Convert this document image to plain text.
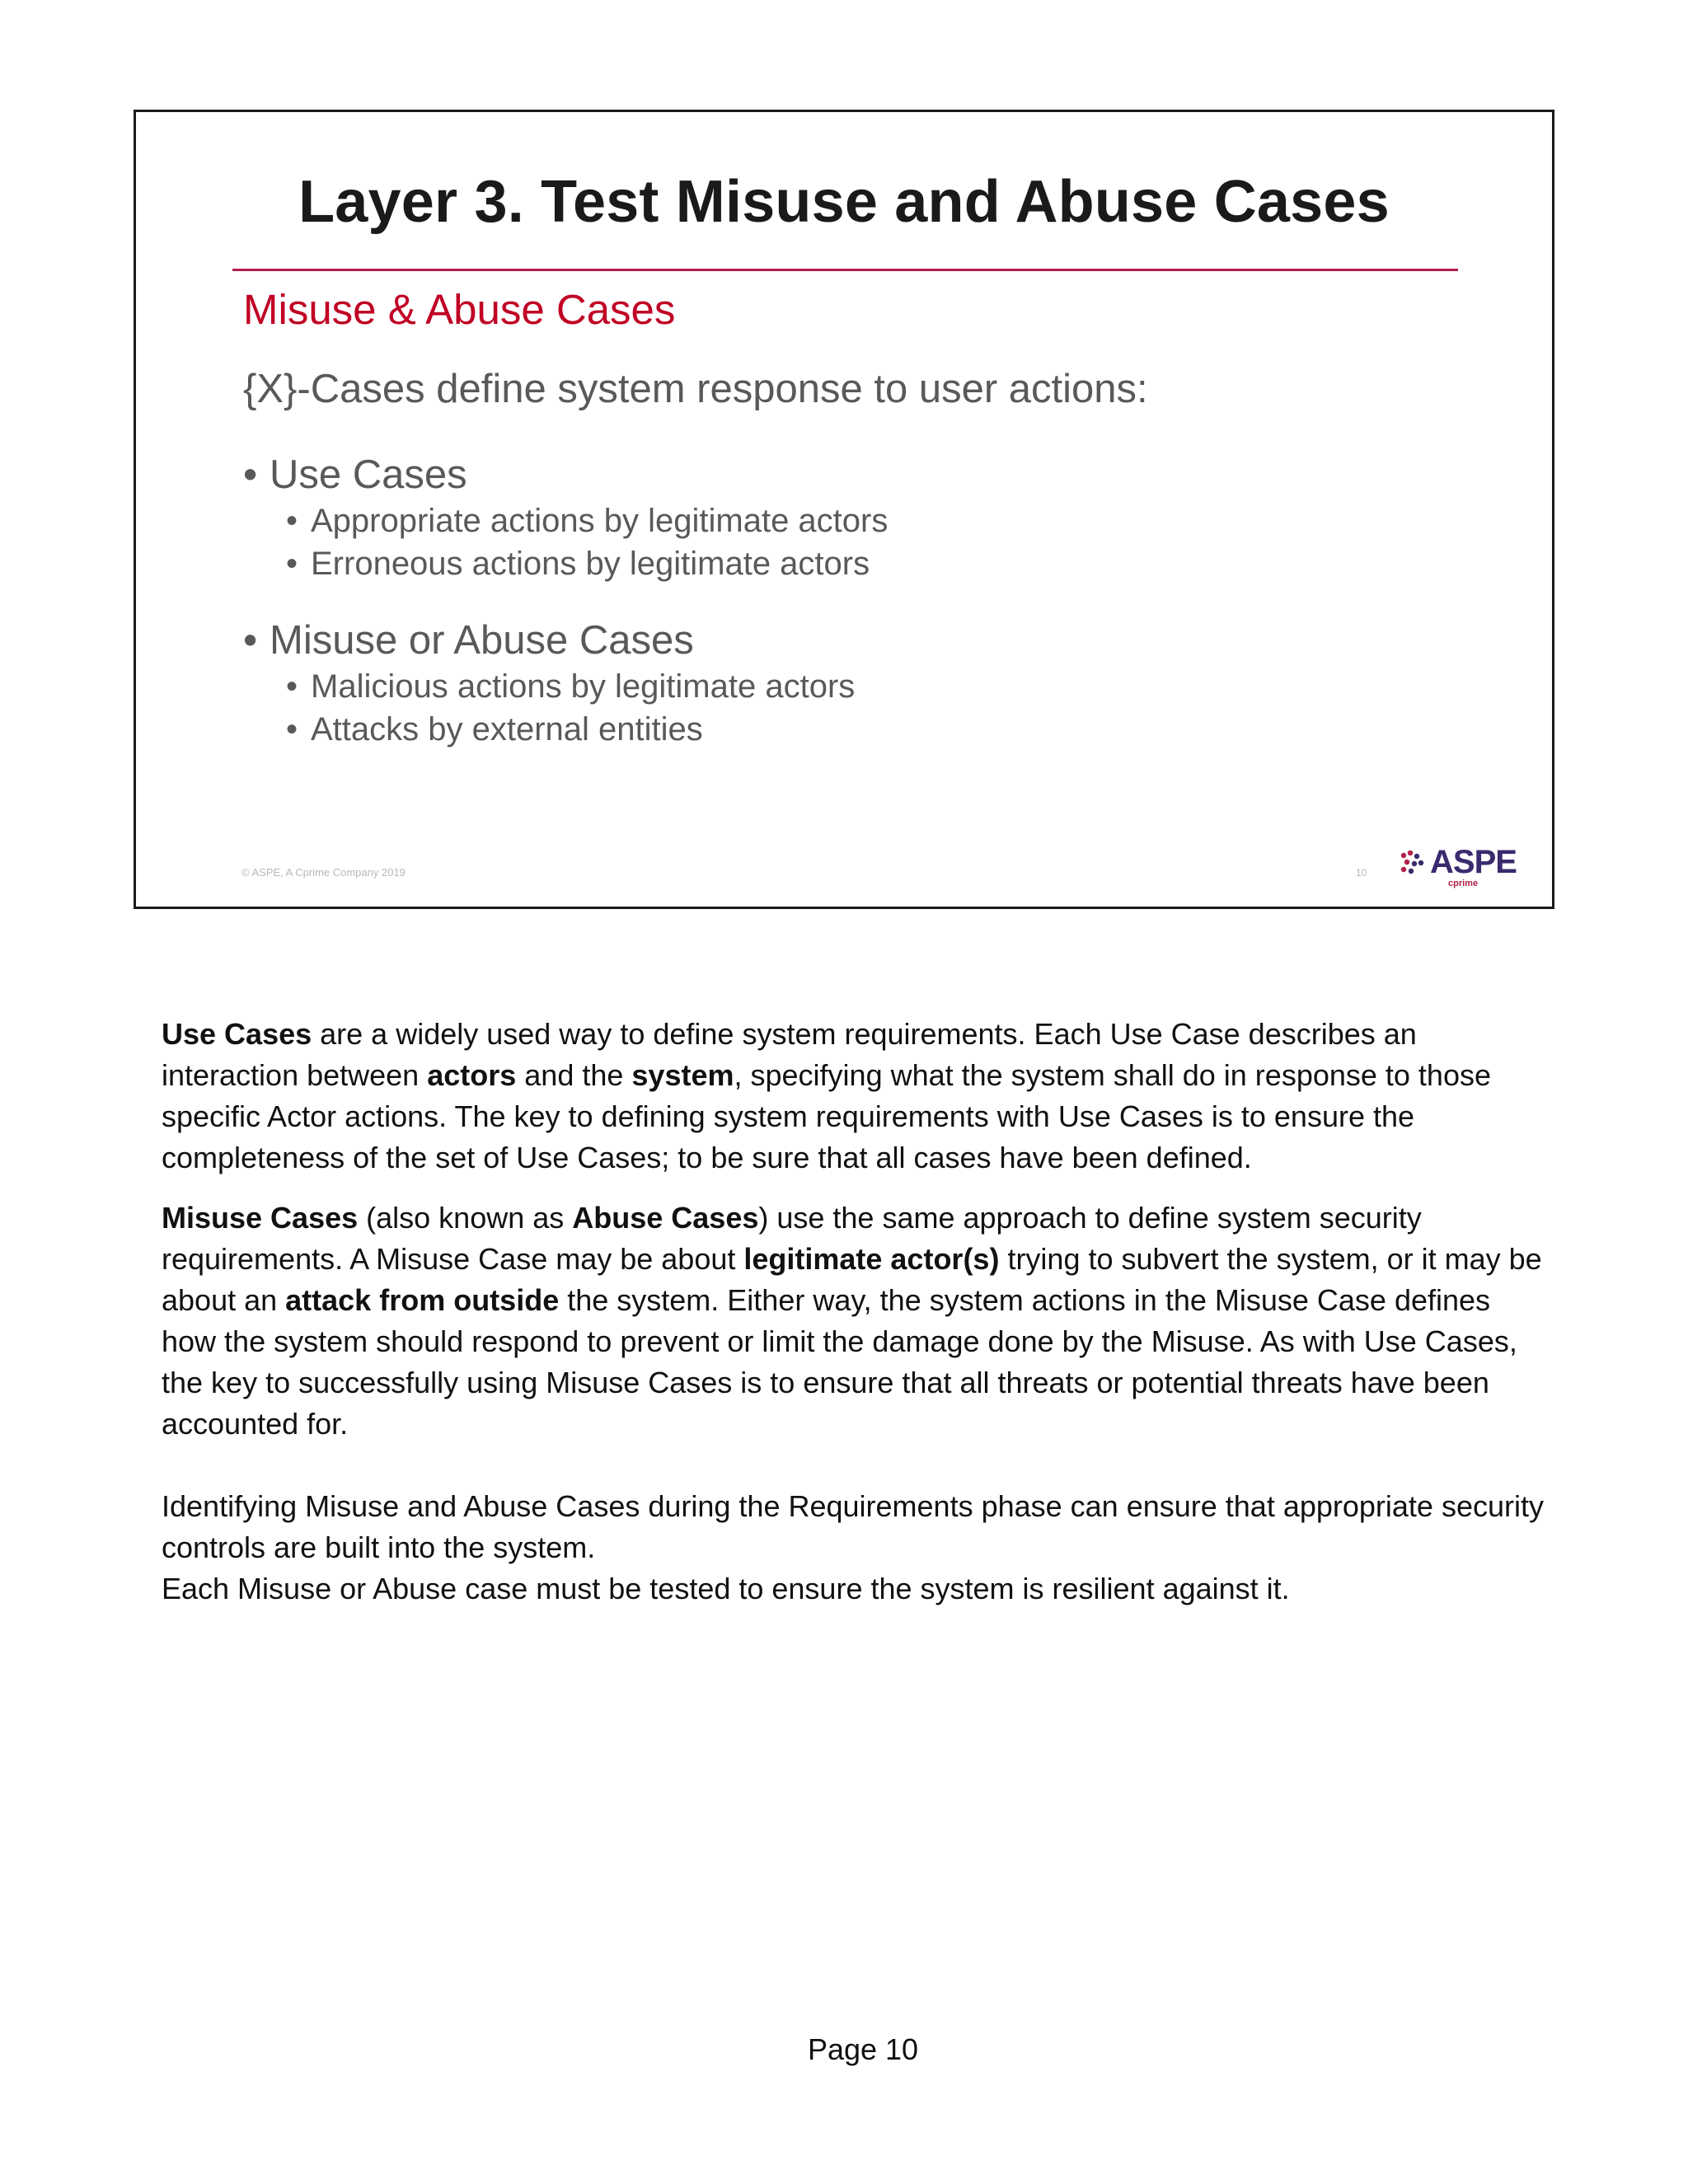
Layer 3. Test Misuse and Abuse Cases
Misuse & Abuse Cases
{X}-Cases define system response to user actions:
• Use Cases
• Appropriate actions by legitimate actors
• Erroneous actions by legitimate actors
• Misuse or Abuse Cases
• Malicious actions by legitimate actors
• Attacks by external entities
© ASPE, A Cprime Company 2019	10 ASPE
cprime

Use Cases are a widely used way to define system requirements. Each Use Case describes an interaction between actors and the system, specifying what the system shall do in response to those specific Actor actions. The key to defining system requirements with Use Cases is to ensure the completeness of the set of Use Cases; to be sure that all cases have been defined.

Misuse Cases (also known as Abuse Cases) use the same approach to define system security requirements. A Misuse Case may be about legitimate actor(s) trying to subvert the system, or it may be about an attack from outside the system. Either way, the system actions in the Misuse Case defines how the system should respond to prevent or limit the damage done by the Misuse. As with Use Cases, the key to successfully using Misuse Cases is to ensure that all threats or potential threats have been accounted for.

Identifying Misuse and Abuse Cases during the Requirements phase can ensure that appropriate security controls are built into the system.

Each Misuse or Abuse case must be tested to ensure the system is resilient against it.

Page 10
